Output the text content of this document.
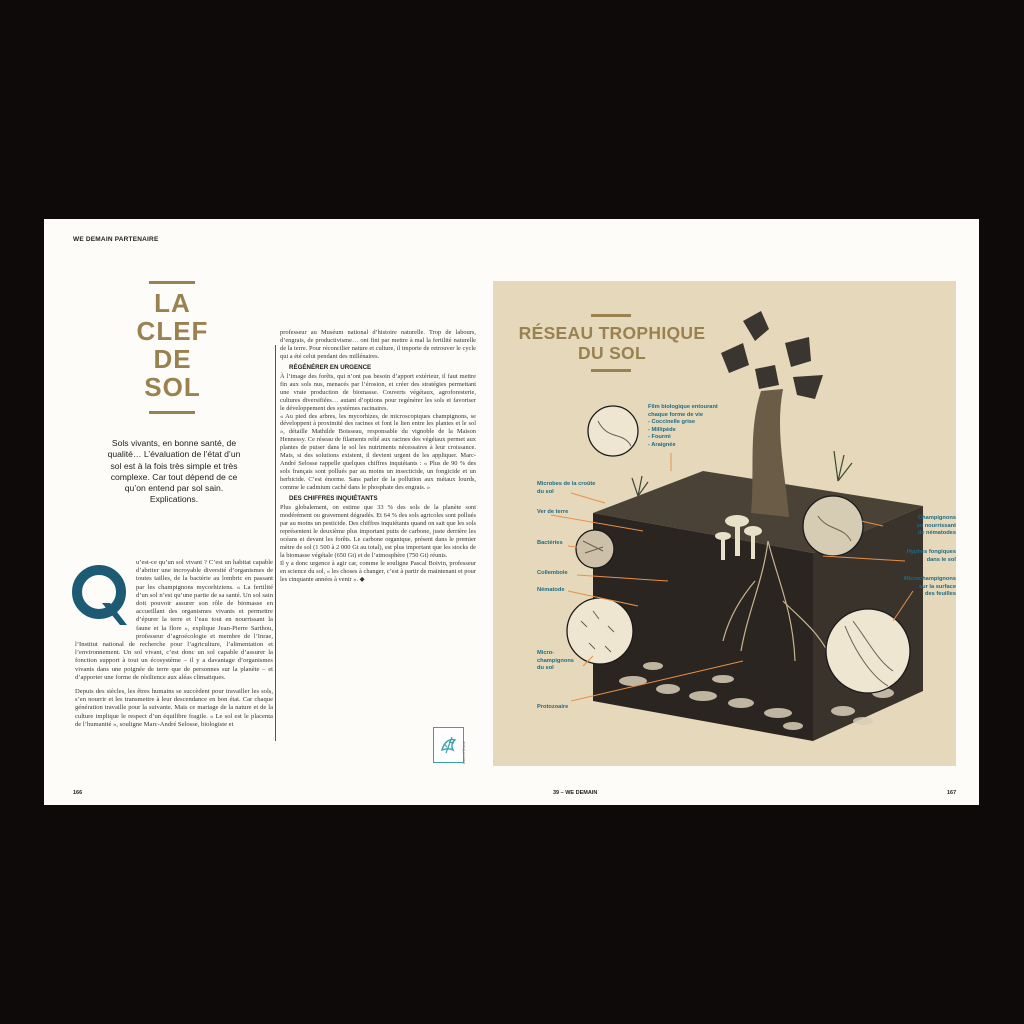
WE DEMAIN PARTENAIRE
LA
CLEF
DE
SOL
Sols vivants, en bonne santé, de qualité… L’évaluation de l’état d’un sol est à la fois très simple et très complexe. Car tout dépend de ce qu’on entend par sol sain. Explications.

u’est-ce qu’un sol vivant ? C’est un habitat capable d’abriter une incroyable diversité d’organismes de toutes tailles, de la bactérie au lombric en passant par les champignons mycorhiziens. « La fertilité d’un sol n’est qu’une partie de sa santé. Un sol sain doit pouvoir assurer son rôle de biomasse en accueillant des organismes vivants et permettre d’épurer la terre et l’eau tout en nourrissant la faune et la flore », explique Jean-Pierre Sarthou, professeur d’agroécologie et membre de l’Inrae, l’Institut national de recherche pour l’agriculture, l’alimentation et l’environnement. Un sol vivant, c’est donc un sol capable d’assurer la fonction support à tout un écosystème – il y a davantage d’organismes vivants dans une poignée de terre que de personnes sur la planète – et d’apporter une forme de résilience aux aléas climatiques.

Depuis des siècles, les êtres humains se succèdent pour travailler les sols, s’en nourrir et les transmettre à leur descendance en bon état. Car chaque génération travaille pour la suivante. Mais ce mariage de la nature et de la culture implique le respect d’un équilibre fragile. « Le sol est le placenta de l’humanité », souligne Marc-André Selosse, biologiste et

professeur au Muséum national d’histoire naturelle. Trop de labours, d’engrais, de productivisme… ont fini par mettre à mal la fertilité naturelle de la terre. Pour réconcilier nature et culture, il importe de retrouver le cycle qui a été celui pendant des millénaires.

RÉGÉNÉRER EN URGENCE

À l’image des forêts, qui n’ont pas besoin d’apport extérieur, il faut mettre fin aux sols nus, menacés par l’érosion, et créer des stratégies permettant une vraie production de biomasse. Couverts végétaux, agroforesterie, cultures diversifiées… autant d’options pour regénérer les sols et favoriser le développement des systèmes racinaires.

« Au pied des arbres, les mycorhizes, de microscopiques champignons, se développent à proximité des racines et font le lien entre les plantes et le sol », détaille Mathilde Boisseau, responsable du vignoble de la Maison Hennessy. Ce réseau de filaments relié aux racines des végétaux permet aux plantes de puiser dans le sol les nutriments nécessaires à leur croissance. Mais, si des solutions existent, il devient urgent de les appliquer. Marc-André Selosse rappelle quelques chiffres inquiétants : « Plus de 90 % des sols français sont pollués par au moins un insecticide, un fongicide et un herbicide. C’est énorme. Sans parler de la pollution aux métaux lourds, comme le cadmium caché dans le phosphate des engrais. »

DES CHIFFRES INQUIÉTANTS

Plus globalement, on estime que 33 % des sols de la planète sont modérément ou gravement dégradés. Et 64 % des sols agricoles sont pollués par au moins un pesticide. Des chiffres inquiétants quand on sait que les sols représentent le deuxième plus important puits de carbone, juste derrière les océans et devant les forêts. Le carbone organique, présent dans le premier mètre de sol (1 500 à 2 000 Gt au total), est plus important que les stocks de la biomasse végétale (650 Gt) et de l’atmosphère (750 Gt) réunis.

Il y a donc urgence à agir car, comme le souligne Pascal Boivin, professeur en science du sol, « les choses à changer, c’est à partir de maintenant et pour les cinquante années à venir ». ◆

Laurent Duval
166	39 – WE DEMAIN	167
RÉSEAU TROPHIQUE
DU SOL
Film biologique entourant
chaque forme de vie
- Coccinelle grise
- Millipède
- Fourmi
- Araignée
Microbes de la croûte
du sol
Ver de terre
Bactéries
Collembole
Nématode
Micro-
champignons
du sol
Protozoaire
Champignons
se nourrissant
de nématodes
Hyphes fongiques
dans le sol
Microchampignons
sur la surface
des feuilles
